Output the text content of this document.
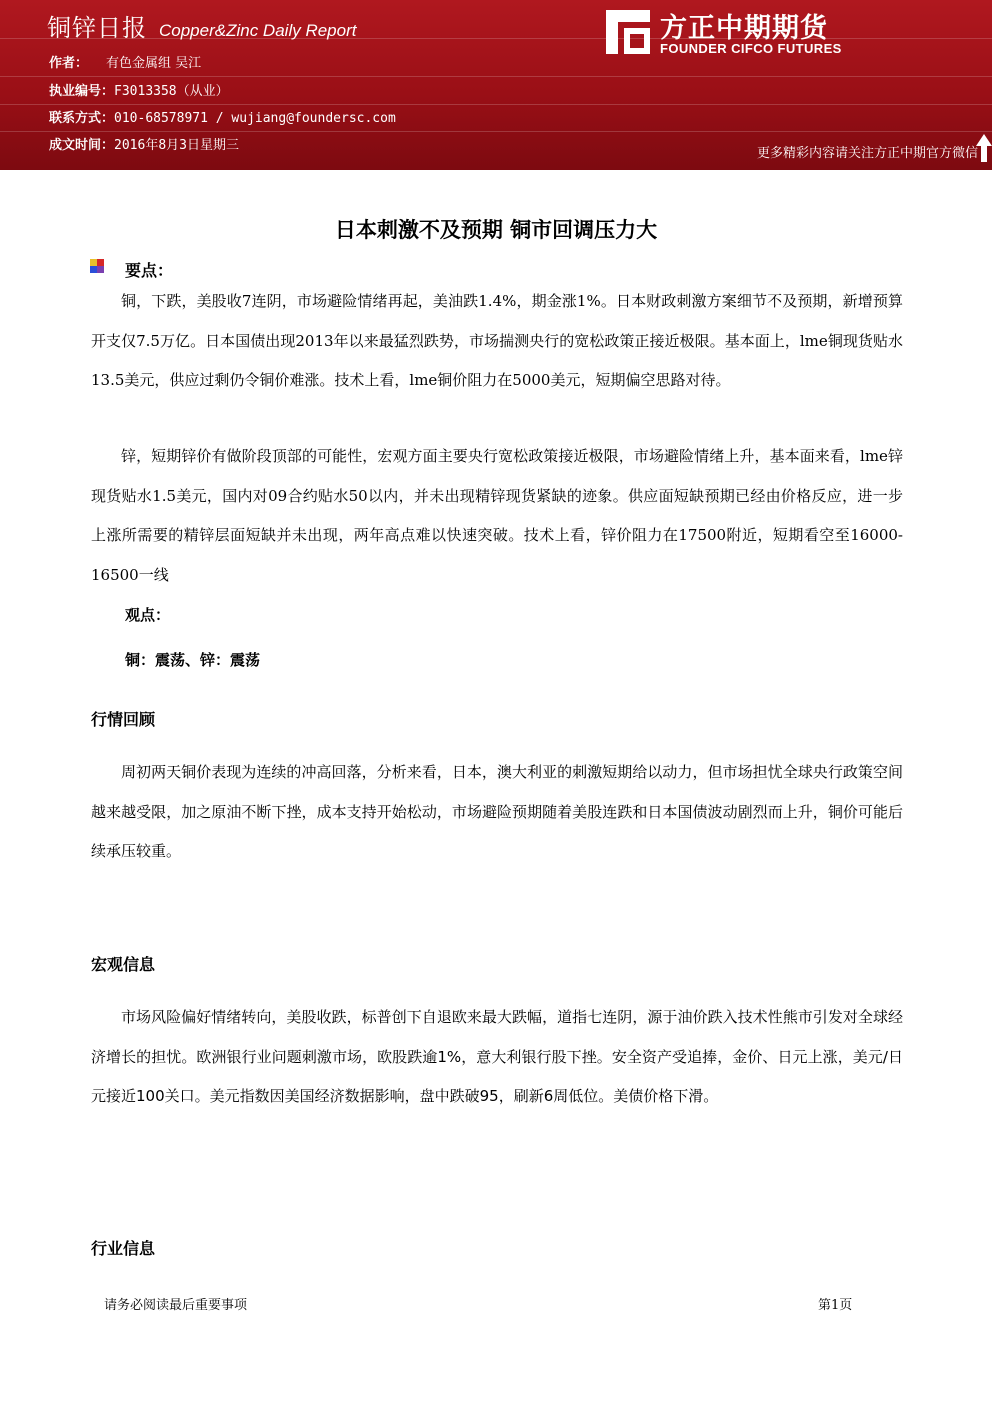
铜锌日报 Copper&Zinc Daily Report
作者： 有色金属组 吴江
执业编号：F3013358（从业）
联系方式：010-68578971 / wujiang@foundersc.com
成文时间：2016年8月3日星期三
方正中期期货
FOUNDER CIFCO FUTURES
更多精彩内容请关注方正中期官方微信
日本刺激不及预期 铜市回调压力大
要点：
铜，下跌，美股收7连阴，市场避险情绪再起，美油跌1.4%，期金涨1%。日本财政刺激方案细节不及预期，新增预算开支仅7.5万亿。日本国债出现2013年以来最猛烈跌势，市场揣测央行的宽松政策正接近极限。基本面上，lme铜现货贴水13.5美元，供应过剩仍令铜价难涨。技术上看，lme铜价阻力在5000美元，短期偏空思路对待。
锌，短期锌价有做阶段顶部的可能性，宏观方面主要央行宽松政策接近极限，市场避险情绪上升，基本面来看，lme锌现货贴水1.5美元，国内对09合约贴水50以内，并未出现精锌现货紧缺的迹象。供应面短缺预期已经由价格反应，进一步上涨所需要的精锌层面短缺并未出现，两年高点难以快速突破。技术上看，锌价阻力在17500附近，短期看空至16000-16500一线
观点：
铜：震荡、锌：震荡
行情回顾
周初两天铜价表现为连续的冲高回落，分析来看，日本，澳大利亚的刺激短期给以动力，但市场担忧全球央行政策空间越来越受限，加之原油不断下挫，成本支持开始松动，市场避险预期随着美股连跌和日本国债波动剧烈而上升，铜价可能后续承压较重。
宏观信息
市场风险偏好情绪转向，美股收跌，标普创下自退欧来最大跌幅，道指七连阴，源于油价跌入技术性熊市引发对全球经济增长的担忧。欧洲银行业问题刺激市场，欧股跌逾1%，意大利银行股下挫。安全资产受追捧，金价、日元上涨，美元/日元接近100关口。美元指数因美国经济数据影响，盘中跌破95，刷新6周低位。美债价格下滑。
行业信息
请务必阅读最后重要事项	第1页
